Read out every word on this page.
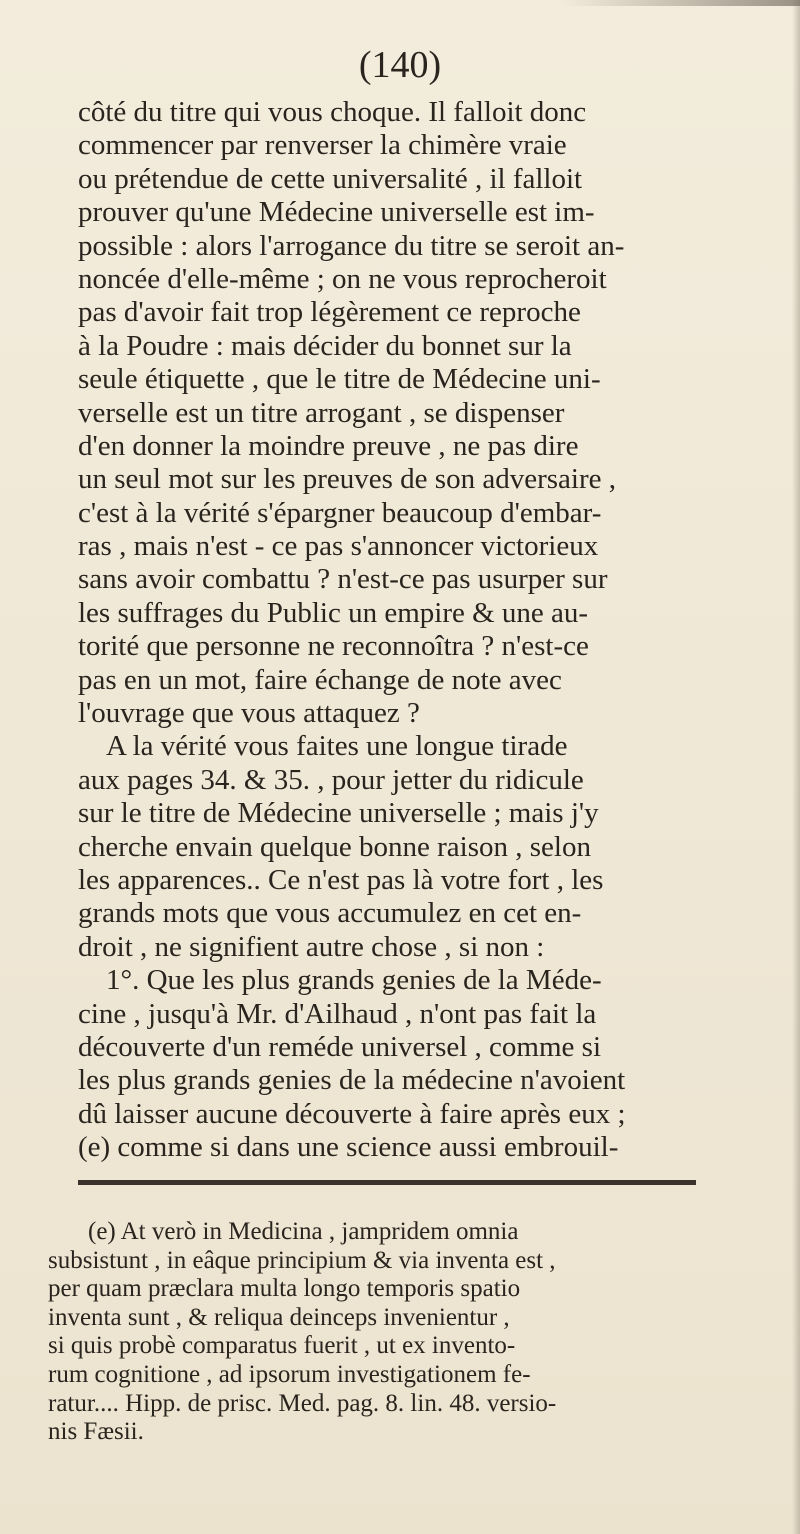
(140)
côté du titre qui vous choque. Il falloit donc
commencer par renverser la chimère vraie
ou prétendue de cette universalité , il falloit
prouver qu'une Médecine universelle est im-
possible : alors l'arrogance du titre se seroit an-
noncée d'elle-même ; on ne vous reprocheroit
pas d'avoir fait trop légèrement ce reproche
à la Poudre : mais décider du bonnet sur la
seule étiquette , que le titre de Médecine uni-
verselle est un titre arrogant , se dispenser
d'en donner la moindre preuve , ne pas dire
un seul mot sur les preuves de son adversaire ,
c'est à la vérité s'épargner beaucoup d'embar-
ras , mais n'est - ce pas s'annoncer victorieux
sans avoir combattu ? n'est-ce pas usurper sur
les suffrages du Public un empire & une au-
torité que personne ne reconnoîtra ? n'est-ce
pas en un mot, faire échange de note avec
l'ouvrage que vous attaquez ?
A la vérité vous faites une longue tirade
aux pages 34. & 35. , pour jetter du ridicule
sur le titre de Médecine universelle ; mais j'y
cherche envain quelque bonne raison , selon
les apparences.. Ce n'est pas là votre fort , les
grands mots que vous accumulez en cet en-
droit , ne signifient autre chose , si non :
1°. Que les plus grands genies de la Méde-
cine , jusqu'à Mr. d'Ailhaud , n'ont pas fait la
découverte d'un reméde universel , comme si
les plus grands genies de la médecine n'avoient
dû laisser aucune découverte à faire après eux ;
(e) comme si dans une science aussi embrouil-
(e) At verò in Medicina , jampridem omnia
subsistunt , in eâque principium & via inventa est ,
per quam præclara multa longo temporis spatio
inventa sunt , & reliqua deinceps invenientur ,
si quis probè comparatus fuerit , ut ex invento-
rum cognitione , ad ipsorum investigationem fe-
ratur.... Hipp. de prisc. Med. pag. 8. lin. 48. versio-
nis Fæsii.
